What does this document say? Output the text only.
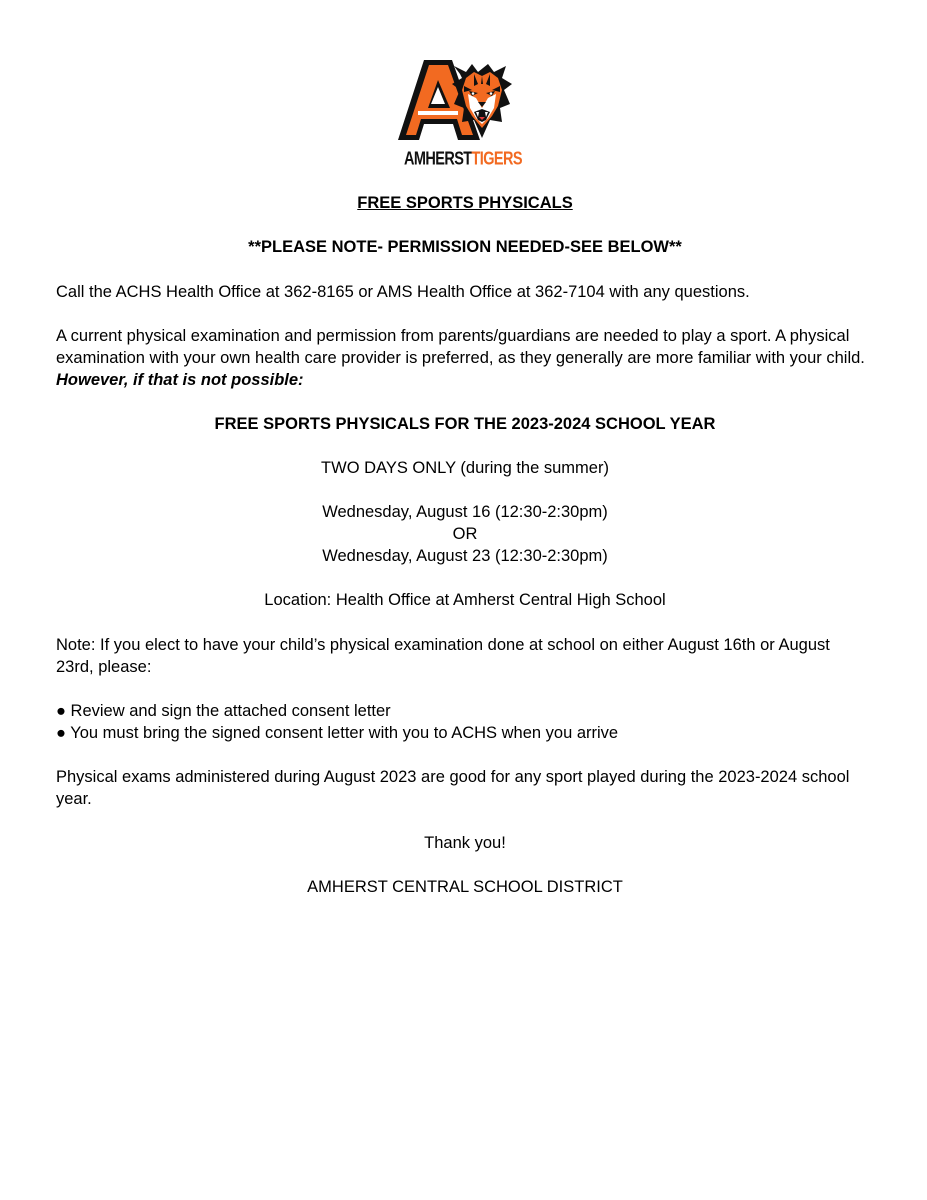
AMHERSTTIGERS
FREE SPORTS PHYSICALS
**PLEASE NOTE- PERMISSION NEEDED-SEE BELOW**
Call the ACHS Health Office at 362-8165 or AMS Health Office at 362-7104 with any questions.
A current physical examination and permission from parents/guardians are needed to play a sport. A physical
examination with your own health care provider is preferred, as they generally are more familiar with your child.
However, if that is not possible:
FREE SPORTS PHYSICALS FOR THE 2023-2024 SCHOOL YEAR
TWO DAYS ONLY (during the summer)
Wednesday, August 16 (12:30-2:30pm)
OR
Wednesday, August 23 (12:30-2:30pm)
Location: Health Office at Amherst Central High School
Note: If you elect to have your child’s physical examination done at school on either August 16th or August
23rd, please:
● Review and sign the attached consent letter
● You must bring the signed consent letter with you to ACHS when you arrive
Physical exams administered during August 2023 are good for any sport played during the 2023-2024 school
year.
Thank you!
AMHERST CENTRAL SCHOOL DISTRICT
